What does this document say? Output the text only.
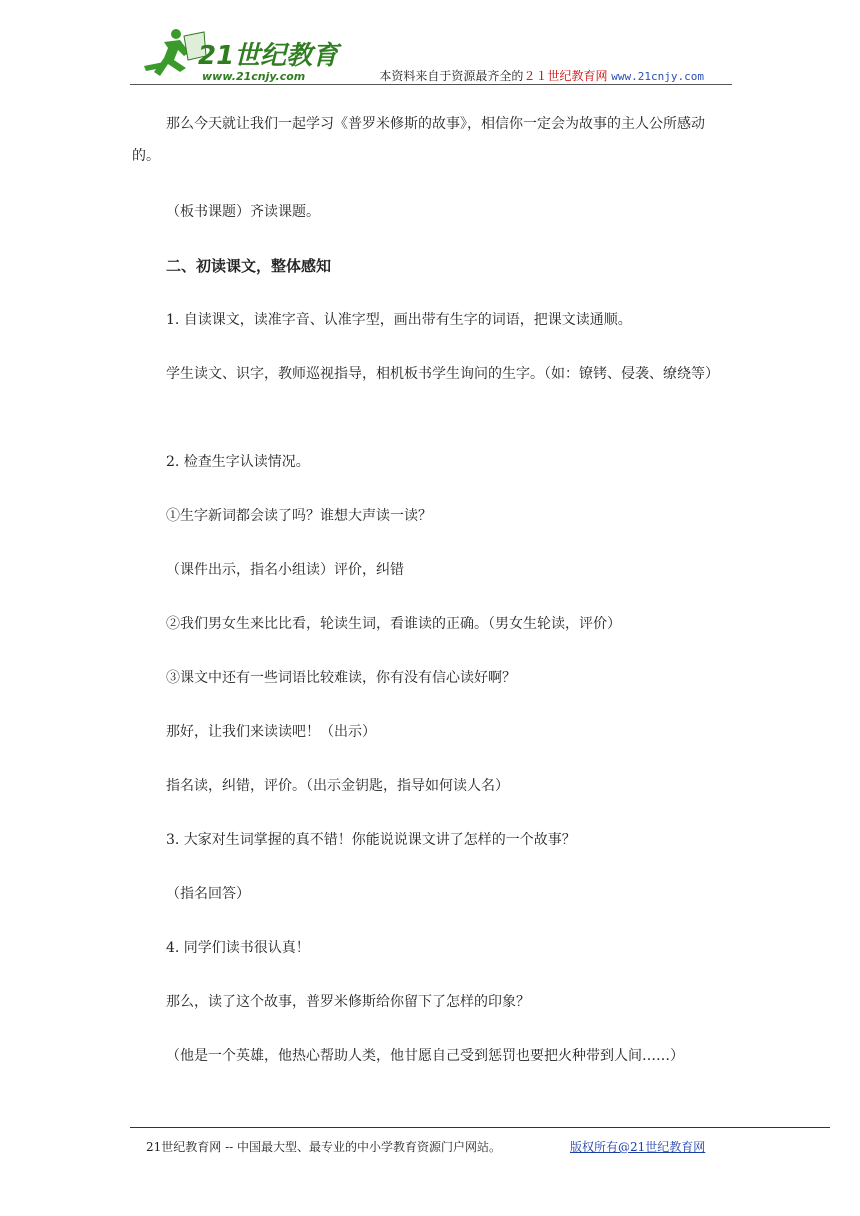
21世纪教育
www.21cnjy.com	本资料来自于资源最齐全的２１世纪教育网 www.21cnjy.com
那么今天就让我们一起学习《普罗米修斯的故事》，相信你一定会为故事的主人公所感动的。
（板书课题）齐读课题。
二、初读课文，整体感知
1. 自读课文，读准字音、认准字型，画出带有生字的词语，把课文读通顺。
学生读文、识字，教师巡视指导，相机板书学生询问的生字。（如：镣铐、侵袭、缭绕等）
2. 检查生字认读情况。
①生字新词都会读了吗？谁想大声读一读？
（课件出示，指名小组读）评价，纠错
②我们男女生来比比看，轮读生词，看谁读的正确。（男女生轮读，评价）
③课文中还有一些词语比较难读，你有没有信心读好啊？
那好，让我们来读读吧！（出示）
指名读，纠错，评价。（出示金钥匙，指导如何读人名）
3. 大家对生词掌握的真不错！你能说说课文讲了怎样的一个故事？
（指名回答）
4. 同学们读书很认真！
那么，读了这个故事，普罗米修斯给你留下了怎样的印象？
（他是一个英雄，他热心帮助人类，他甘愿自己受到惩罚也要把火种带到人间……）
21世纪教育网 -- 中国最大型、最专业的中小学教育资源门户网站。	版权所有@21世纪教育网
